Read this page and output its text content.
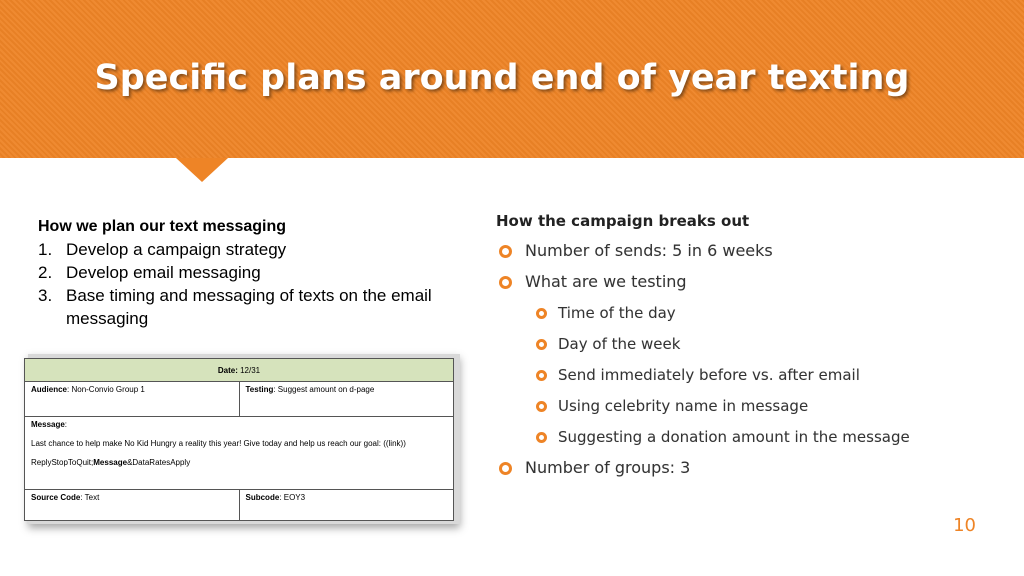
Specific plans around end of year texting
How we plan our text messaging
1. Develop a campaign strategy
2. Develop email messaging
3. Base timing and messaging of texts on the email messaging
Date: 12/31	
Audience: Non-Convio Group 1	Testing: Suggest amount on d-page

Message:

Last chance to help make No Kid Hungry a reality this year! Give today and help us reach our goal: ((link))

ReplyStopToQuit;Message&DataRatesApply	

Source Code: Text	Subcode: EOY3
How the campaign breaks out
Number of sends: 5 in 6 weeks
What are we testing
Time of the day
Day of the week
Send immediately before vs. after email
Using celebrity name in message
Suggesting a donation amount in the message
Number of groups: 3
10
